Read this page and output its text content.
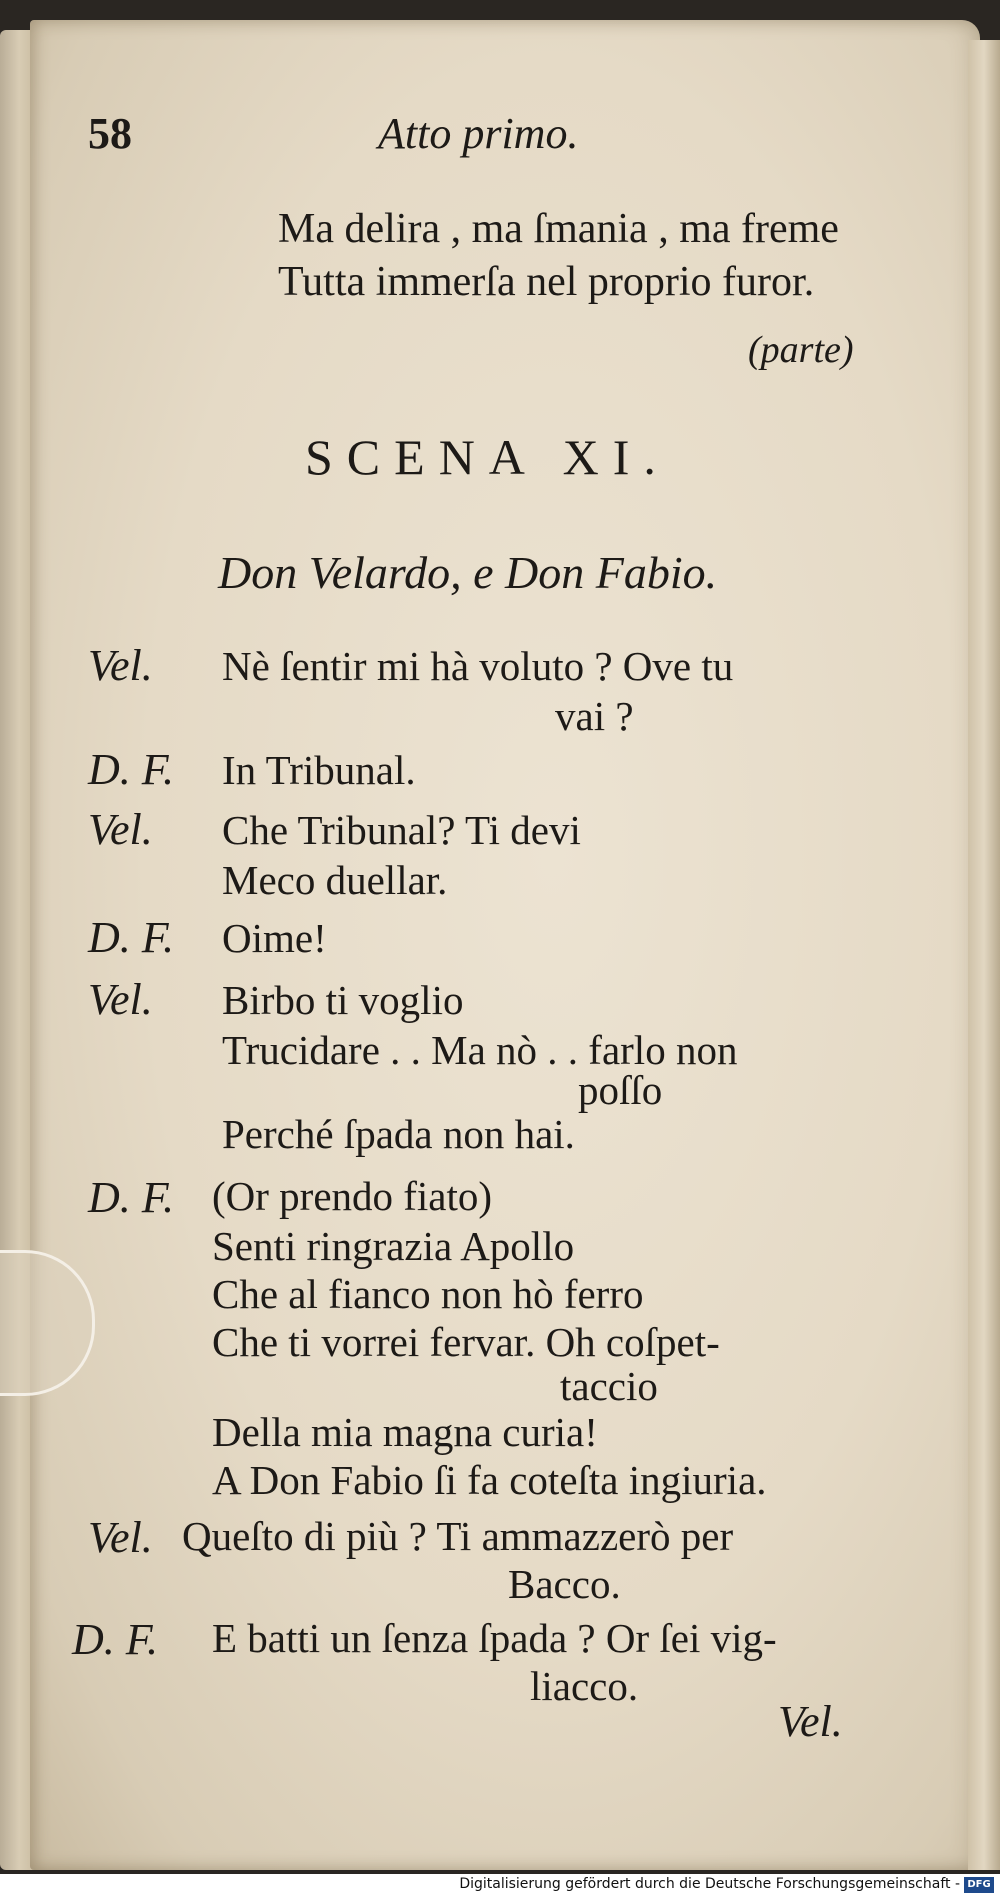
58	Atto primo.
Ma delira , ma ſmania , ma freme
Tutta immerſa nel proprio furor.
(parte)
SCENA XI.
Don Velardo, e Don Fabio.
Vel. Nè ſentir mi hà voluto ? Ove tu
vai ?
D. F. In Tribunal.
Vel. Che Tribunal? Ti devi
Meco duellar.
D. F. Oime!
Vel. Birbo ti voglio
Trucidare . . Ma nò . . farlo non
poſſo
Perché ſpada non hai.
D. F. (Or prendo fiato)
Senti ringrazia Apollo
Che al fianco non hò ferro
Che ti vorrei fervar. Oh coſpet-
taccio
Della mia magna curia!
A Don Fabio ſi fa coteſta ingiuria.
Vel. Queſto di più ? Ti ammazzerò per
Bacco.
D. F. E batti un ſenza ſpada ? Or ſei vig-
liacco.
Vel.
Digitalisierung gefördert durch die Deutsche Forschungsgemeinschaft - DFG
